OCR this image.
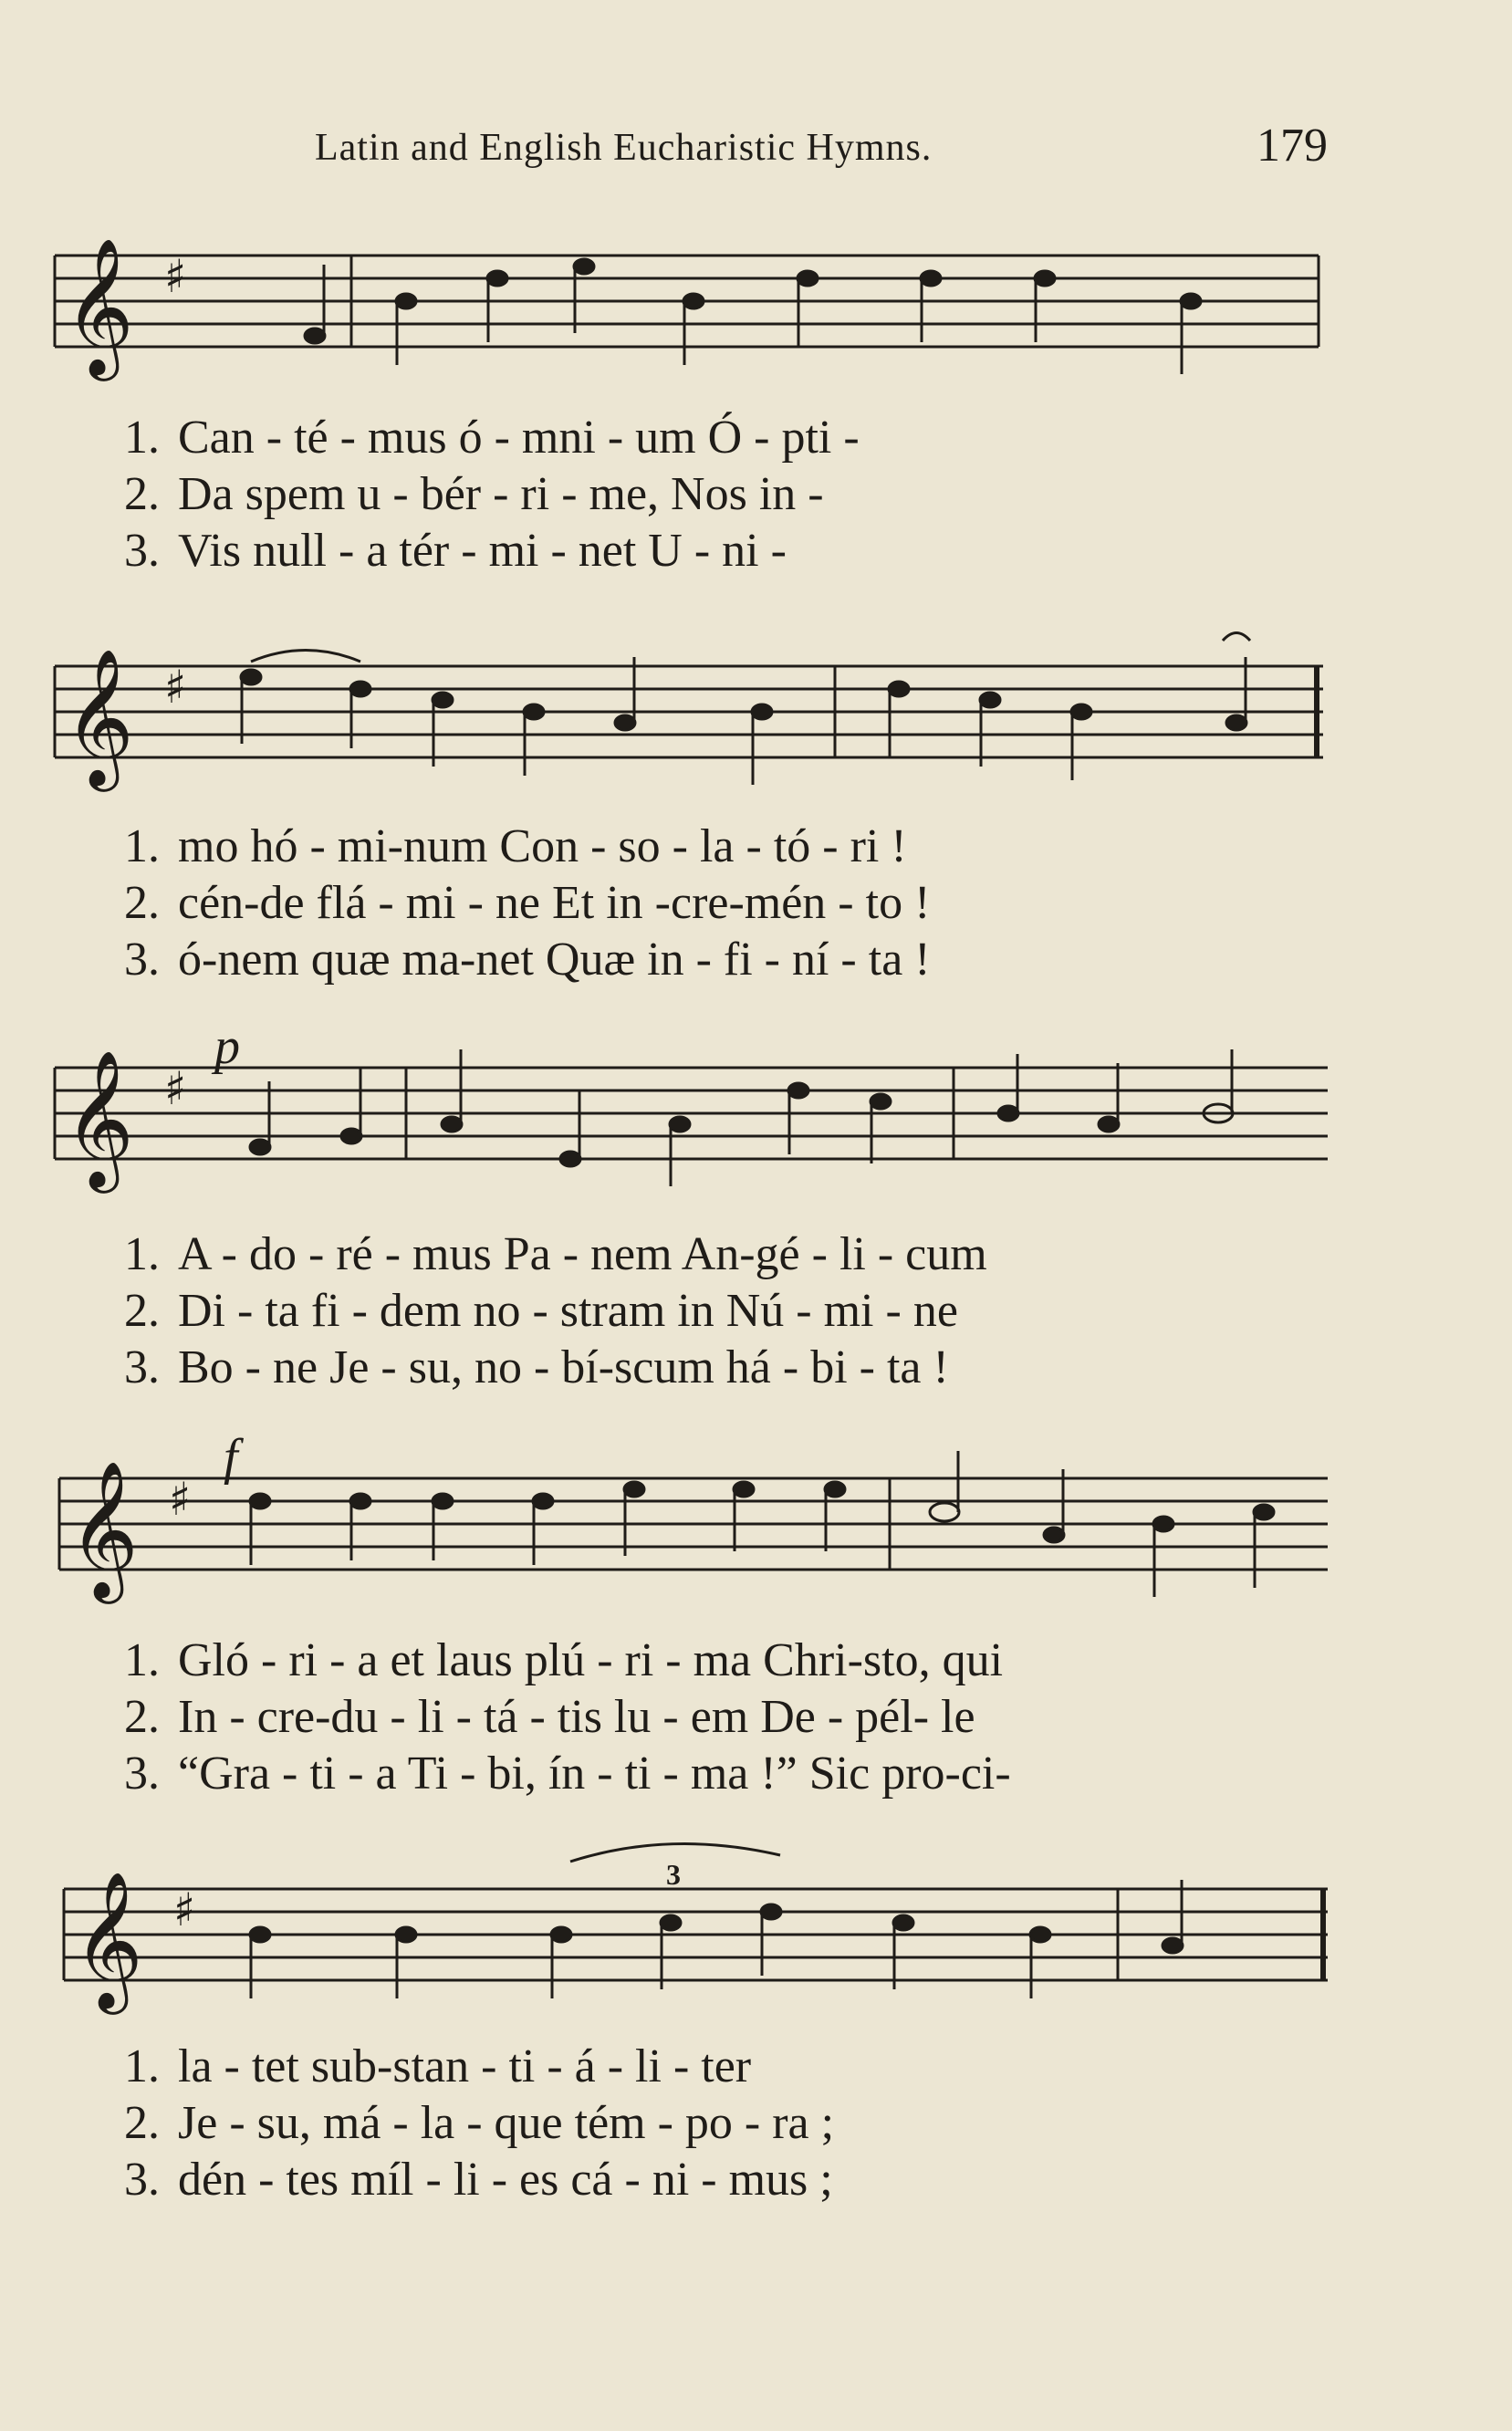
Latin and English Eucharistic Hymns.	179
𝄞 ♯
1. Can - té - mus ó - mni - um Ó - pti -
2. Da spem u - bér - ri - me, Nos in -
3. Vis null - a tér - mi - net U - ni -
𝄞 ♯
1. mo hó - mi-num Con - so - la - tó - ri !
2. cén-de flá - mi - ne Et in -cre-mén - to !
3. ó-nem quæ ma-net Quæ in - fi - ní - ta !
𝄞 ♯
p
1. A - do - ré - mus Pa - nem An-gé - li - cum
2. Di - ta fi - dem no - stram in Nú - mi - ne
3. Bo - ne Je - su, no - bí-scum há - bi - ta !
𝄞 ♯
f
1. Gló - ri - a et laus plú - ri - ma Chri-sto, qui
2. In - cre-du - li - tá - tis lu - em De - pél- le
3. “Gra - ti - a Ti - bi, ín - ti - ma !” Sic pro-ci-
𝄞 ♯
3
1. la - tet sub-stan - ti - á - li - ter
2. Je - su, má - la - que tém - po - ra ;
3. dén - tes míl - li - es cá - ni - mus ;
